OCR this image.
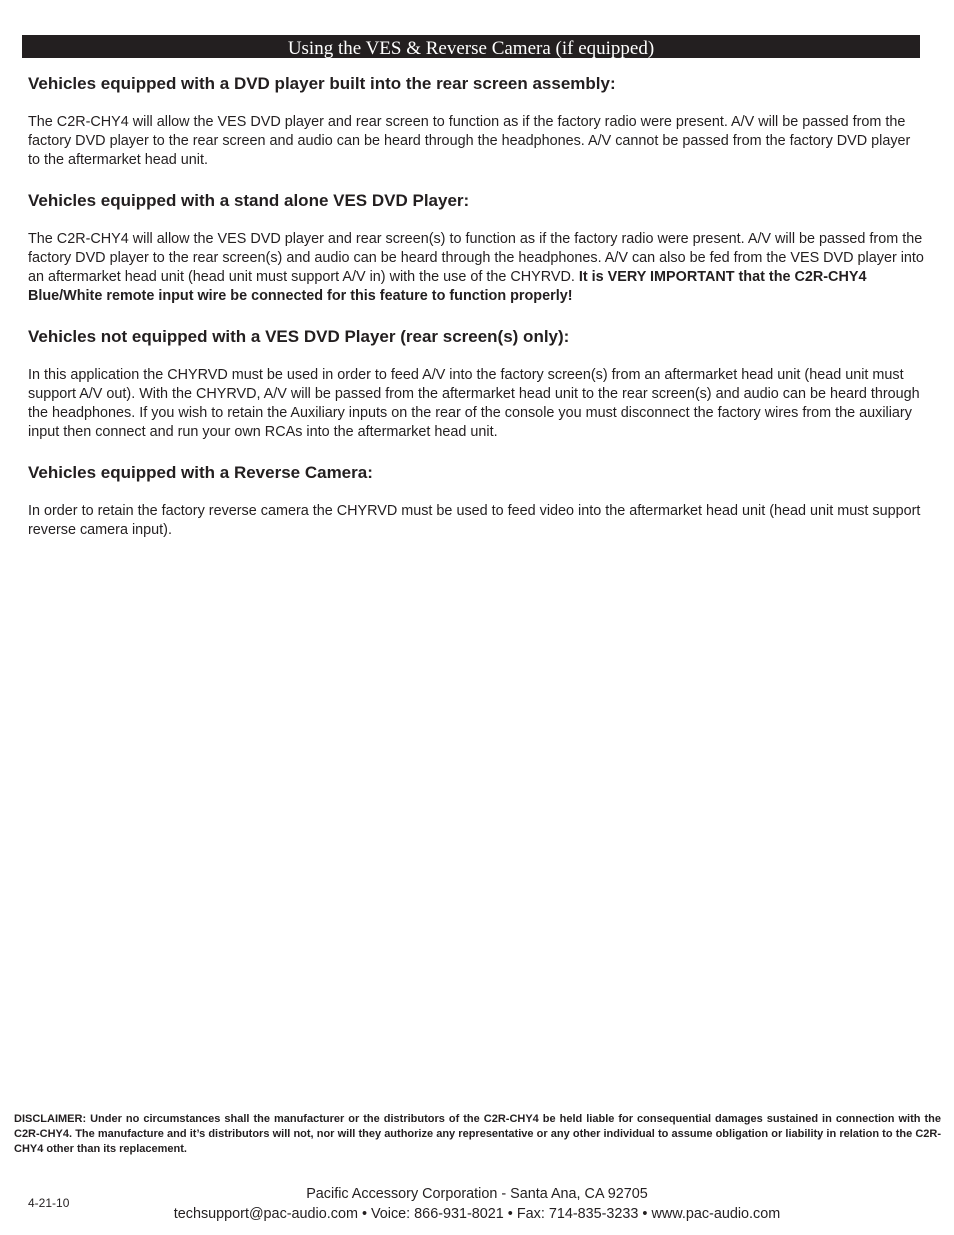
Using the VES & Reverse Camera (if equipped)
Vehicles equipped with a DVD player built into the rear screen assembly:

The C2R-CHY4 will allow the VES DVD player and rear screen to function as if the factory radio were present. A/V will be passed from the factory DVD player to the rear screen and audio can be heard through the headphones. A/V cannot be passed from the factory DVD player to the aftermarket head unit.

Vehicles equipped with a stand alone VES DVD Player:

The C2R-CHY4 will allow the VES DVD player and rear screen(s) to function as if the factory radio were present. A/V will be passed from the factory DVD player to the rear screen(s) and audio can be heard through the headphones. A/V can also be fed from the VES DVD player into an aftermarket head unit (head unit must support A/V in) with the use of the CHYRVD. It is VERY IMPORTANT that the C2R-CHY4 Blue/White remote input wire be connected for this feature to function properly!

Vehicles not equipped with a VES DVD Player (rear screen(s) only):

In this application the CHYRVD must be used in order to feed A/V into the factory screen(s) from an aftermarket head unit (head unit must support A/V out). With the CHYRVD, A/V will be passed from the aftermarket head unit to the rear screen(s) and audio can be heard through the headphones. If you wish to retain the Auxiliary inputs on the rear of the console you must disconnect the factory wires from the auxiliary input then connect and run your own RCAs into the aftermarket head unit.

Vehicles equipped with a Reverse Camera:

In order to retain the factory reverse camera the CHYRVD must be used to feed video into the aftermarket head unit (head unit must support reverse camera input).

DISCLAIMER: Under no circumstances shall the manufacturer or the distributors of the C2R-CHY4 be held liable for consequential damages sustained in connection with the C2R-CHY4. The manufacture and it’s distributors will not, nor will they authorize any representative or any other individual to assume obligation or liability in relation to the C2R-CHY4 other than its replacement.
4-21-10
Pacific Accessory Corporation - Santa Ana, CA 92705
techsupport@pac-audio.com • Voice: 866-931-8021 • Fax: 714-835-3233 • www.pac-audio.com
